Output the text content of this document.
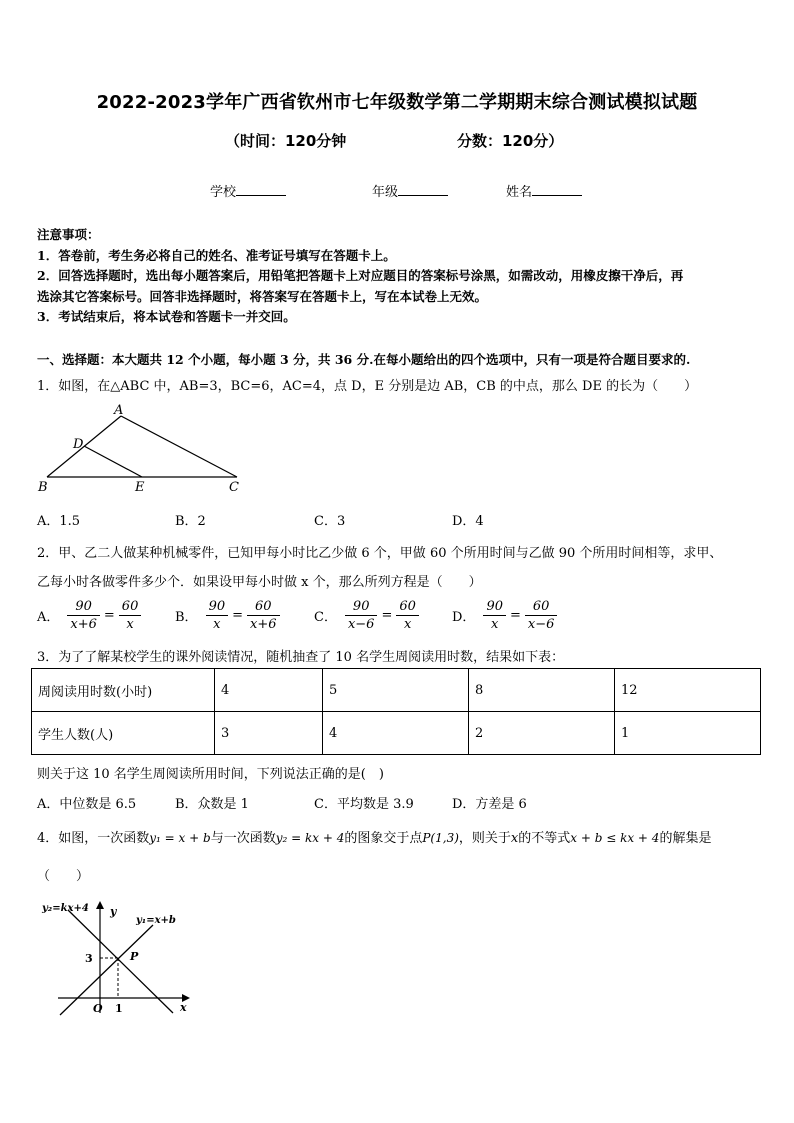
2022-2023学年广西省钦州市七年级数学第二学期期末综合测试模拟试题
（时间：120分钟	分数：120分）
学校	年级	姓名
注意事项：
1．答卷前，考生务必将自己的姓名、准考证号填写在答题卡上。
2．回答选择题时，选出每小题答案后，用铅笔把答题卡上对应题目的答案标号涂黑，如需改动，用橡皮擦干净后，再
选涂其它答案标号。回答非选择题时，将答案写在答题卡上，写在本试卷上无效。
3．考试结束后，将本试卷和答题卡一并交回。
一、选择题：本大题共 12 个小题，每小题 3 分，共 36 分.在每小题给出的四个选项中，只有一项是符合题目要求的.
1．如图，在△ABC 中，AB=3，BC=6，AC=4，点 D，E 分别是边 AB，CB 的中点，那么 DE 的长为（　　）
A
D
B	E	C
A．1.5	B．2	C．3	D．4
2．甲、乙二人做某种机械零件，已知甲每小时比乙少做 6 个，甲做 60 个所用时间与乙做 90 个所用时间相等，求甲、
乙每小时各做零件多少个．如果设甲每小时做 x 个，那么所列方程是（　　）
A． $\frac{90}{x+6} = \frac{60}{x}$	B． $\frac{90}{x} = \frac{60}{x+6}$	C． $\frac{90}{x-6} = \frac{60}{x}$	D． $\frac{90}{x} = \frac{60}{x-6}$
3．为了了解某校学生的课外阅读情况，随机抽查了 10 名学生周阅读用时数，结果如下表：
周阅读用时数(小时)	4	5	8	12
学生人数(人)	3	4	2	1
则关于这 10 名学生周阅读所用时间，下列说法正确的是(　)
A．中位数是 6.5	B．众数是 1	C．平均数是 3.9	D．方差是 6
4．如图，一次函数y₁ = x + b与一次函数y₂ = kx + 4的图象交于点P(1,3)，则关于x的不等式x + b ≤ kx + 4的解集是
（　　）
y₂=kx+4
y₁=x+b
y
x
P
3
1
O
